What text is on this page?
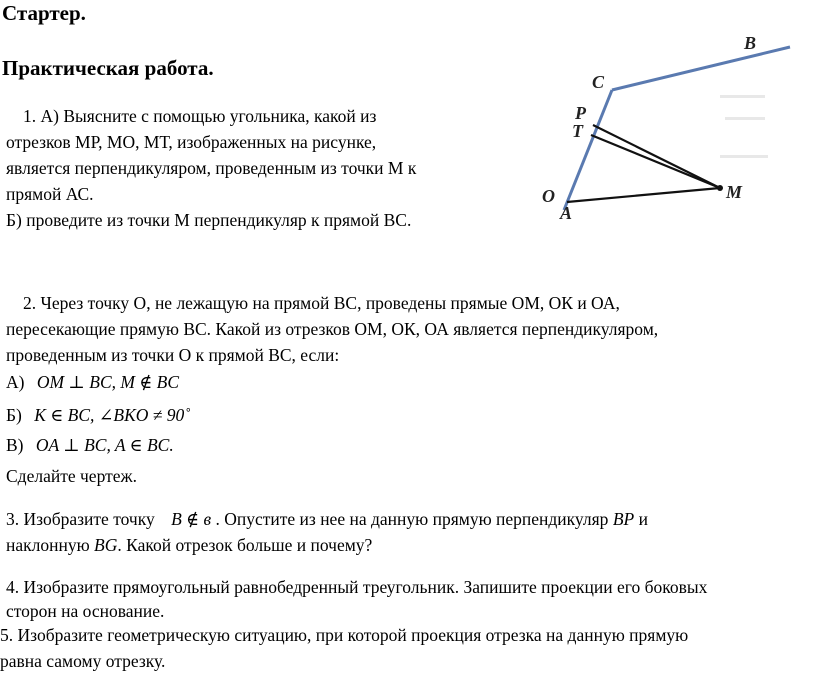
Стартер.
Практическая работа.
1. А) Выясните с помощью угольника, какой из
отрезков МР, МО, МТ, изображенных на рисунке,
является перпендикуляром, проведенным из точки М к
прямой АС.
Б) проведите из точки М перпендикуляр к прямой ВС.
B
C
P
T
O
A
M
2. Через точку О, не лежащую на прямой ВС, проведены прямые ОМ, ОК и ОА,
пересекающие прямую ВС. Какой из отрезков ОМ, ОК, ОА является перпендикуляром,
проведенным из точки О к прямой ВС, если:
А) OM ⊥ BC, M ∉ BC
Б) K ∈ BC, ∠BKO ≠ 90˚
В) OA ⊥ BC, A ∈ BC.
Сделайте чертеж.
3. Изобразите точку B ∉ в . Опустите из нее на данную прямую перпендикуляр BP и
наклонную BG. Какой отрезок больше и почему?
4. Изобразите прямоугольный равнобедренный треугольник. Запишите проекции его боковых
сторон на основание.
5. Изобразите геометрическую ситуацию, при которой проекция отрезка на данную прямую
равна самому отрезку.
